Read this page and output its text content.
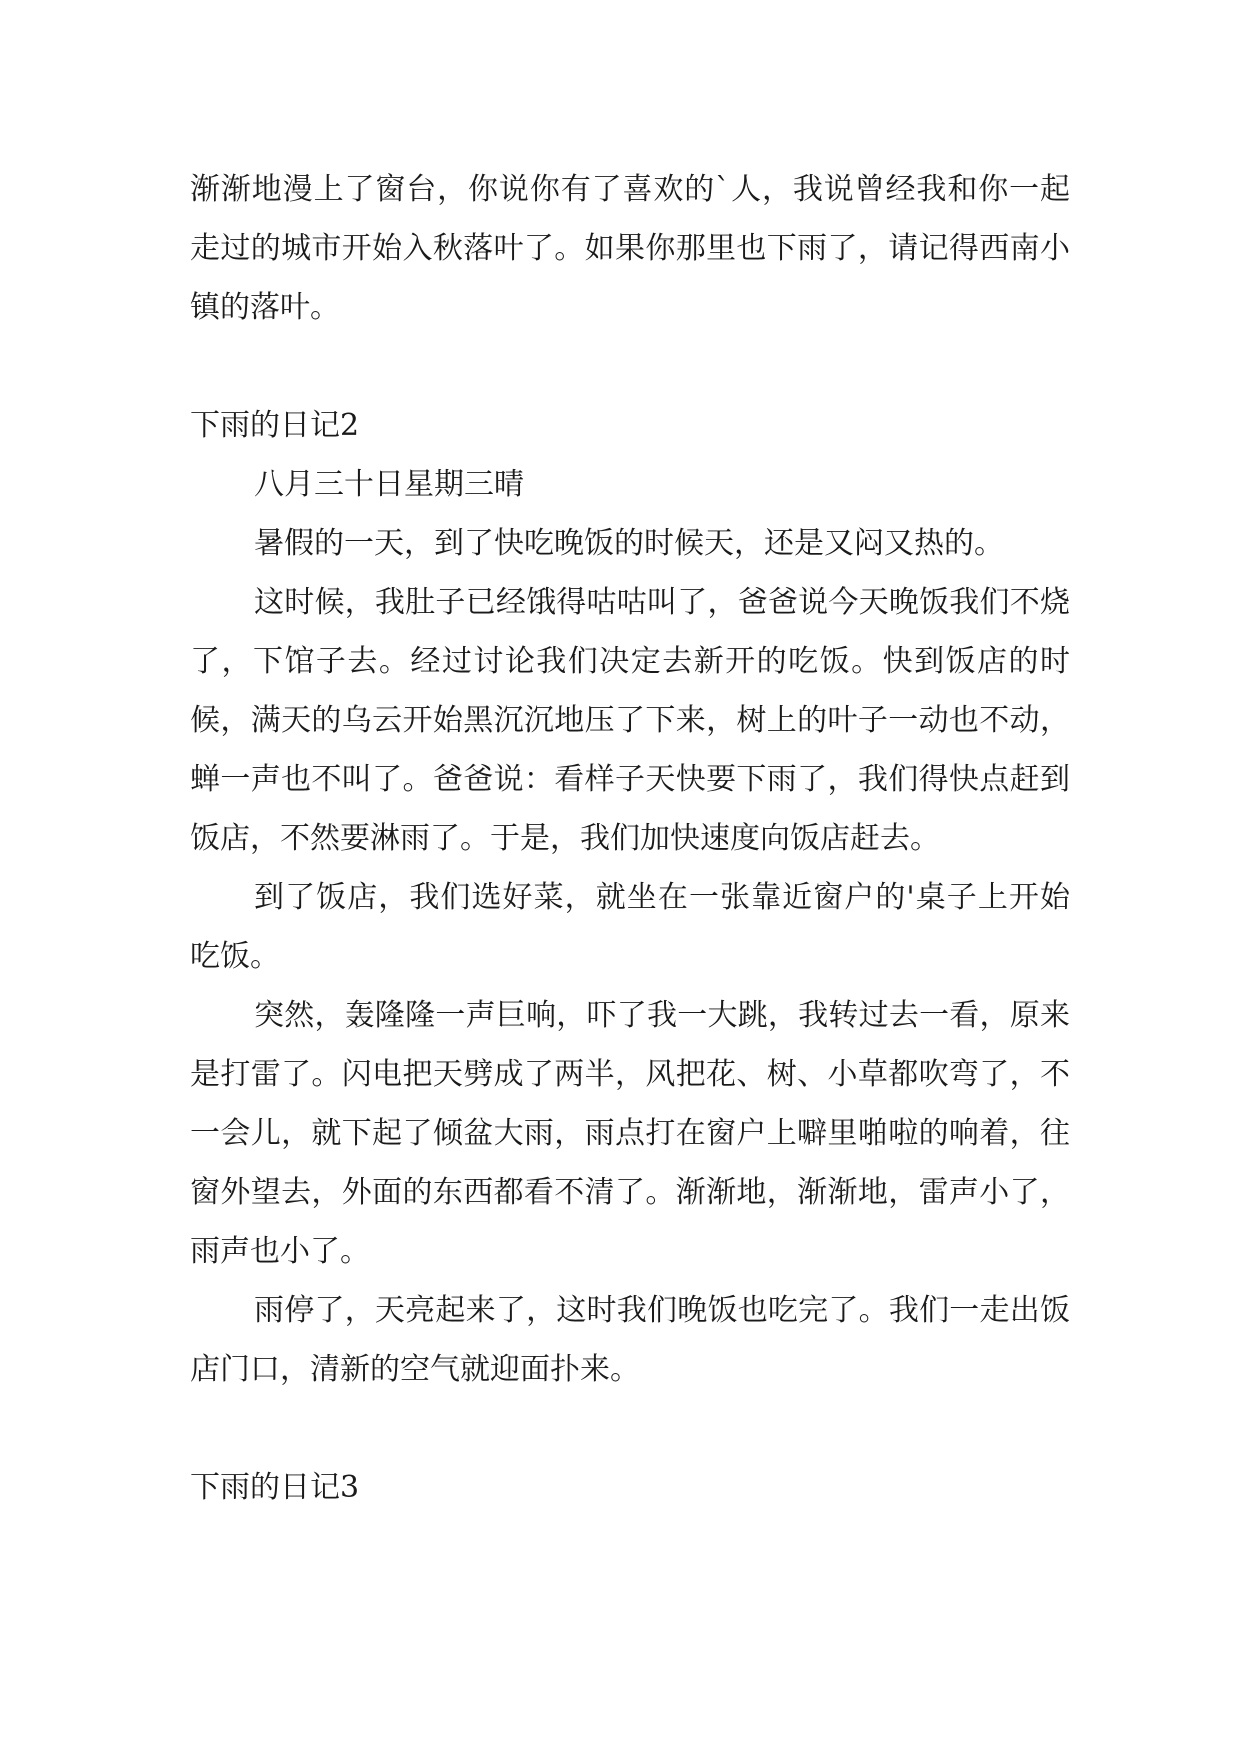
渐渐地漫上了窗台，你说你有了喜欢的`人，我说曾经我和你一起走过的城市开始入秋落叶了。如果你那里也下雨了，请记得西南小镇的落叶。

下雨的日记2

八月三十日星期三晴

暑假的一天，到了快吃晚饭的时候天，还是又闷又热的。

这时候，我肚子已经饿得咕咕叫了，爸爸说今天晚饭我们不烧了，下馆子去。经过讨论我们决定去新开的吃饭。快到饭店的时候，满天的乌云开始黑沉沉地压了下来，树上的叶子一动也不动，蝉一声也不叫了。爸爸说：看样子天快要下雨了，我们得快点赶到饭店，不然要淋雨了。于是，我们加快速度向饭店赶去。

到了饭店，我们选好菜，就坐在一张靠近窗户的'桌子上开始吃饭。

突然，轰隆隆一声巨响，吓了我一大跳，我转过去一看，原来是打雷了。闪电把天劈成了两半，风把花、树、小草都吹弯了，不一会儿，就下起了倾盆大雨，雨点打在窗户上噼里啪啦的响着，往窗外望去，外面的东西都看不清了。渐渐地，渐渐地，雷声小了，雨声也小了。

雨停了，天亮起来了，这时我们晚饭也吃完了。我们一走出饭店门口，清新的空气就迎面扑来。

下雨的日记3
